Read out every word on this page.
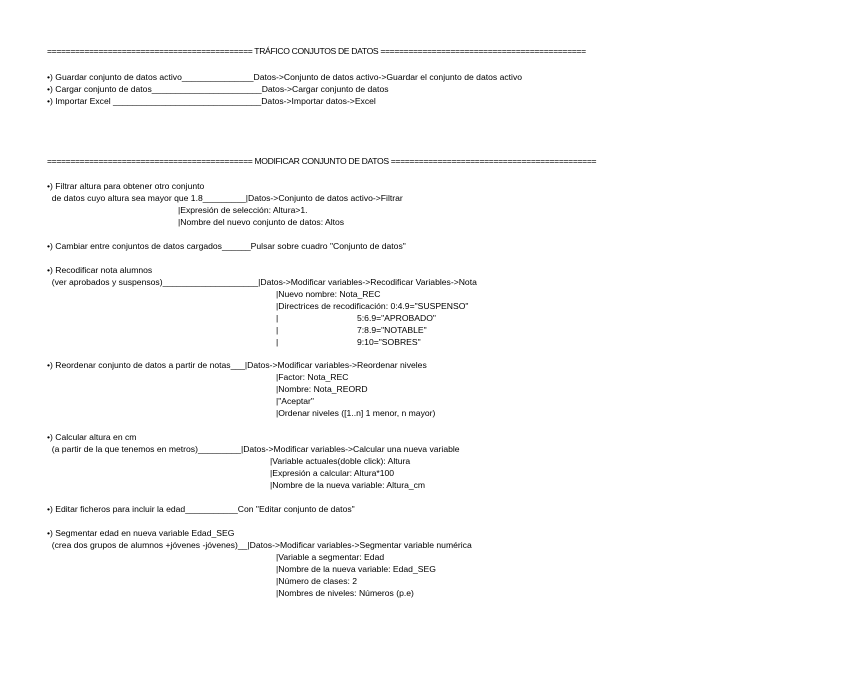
============================================ TRÁFICO CONJUTOS DE DATOS ============================================
•) Guardar conjunto de datos activo_______________Datos->Conjunto de datos activo->Guardar el conjunto de datos activo
•) Cargar conjunto de datos_______________________Datos->Cargar conjunto de datos
•) Importar Excel _______________________________Datos->Importar datos->Excel
============================================ MODIFICAR CONJUNTO DE DATOS ============================================
•) Filtrar altura para obtener otro conjunto
de datos cuyo altura sea mayor que 1.8_________|Datos->Conjunto de datos activo->Filtrar
|Expresión de selección: Altura>1.
|Nombre del nuevo conjunto de datos: Altos
•) Cambiar entre conjuntos de datos cargados______Pulsar sobre cuadro "Conjunto de datos"
•) Recodificar nota alumnos
(ver aprobados y suspensos)____________________|Datos->Modificar variables->Recodificar Variables->Nota
|Nuevo nombre: Nota_REC
|Directrices de recodificación: 0:4.9="SUSPENSO"
|	5:6.9="APROBADO"
|	7:8.9="NOTABLE"
|	9:10="SOBRES"
•) Reordenar conjunto de datos a partir de notas___|Datos->Modificar variables->Reordenar niveles
|Factor: Nota_REC
|Nombre: Nota_REORD
|"Aceptar"
|Ordenar niveles ([1..n] 1 menor, n mayor)
•) Calcular altura en cm
(a partir de la que tenemos en metros)_________|Datos->Modificar variables->Calcular una nueva variable
|Variable actuales(doble click): Altura
|Expresión a calcular: Altura*100
|Nombre de la nueva variable: Altura_cm
•) Editar ficheros para incluir la edad___________Con "Editar conjunto de datos"
•) Segmentar edad en nueva variable Edad_SEG
(crea dos grupos de alumnos +jóvenes -jóvenes)__|Datos->Modificar variables->Segmentar variable numérica
|Variable a segmentar: Edad
|Nombre de la nueva variable: Edad_SEG
|Número de clases: 2
|Nombres de niveles: Números (p.e)
